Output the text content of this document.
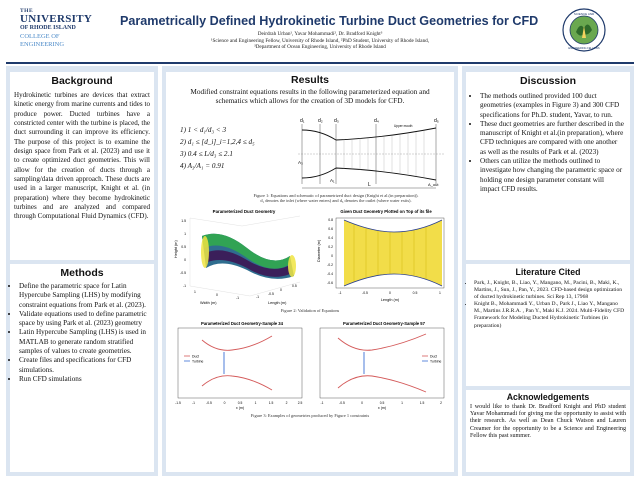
THE
UNIVERSITY
OF RHODE ISLAND
COLLEGE OF
ENGINEERING
Parametrically Defined Hydrokinetic Turbine Duct Geometries for CFD
Deirdrah Urban¹, Yavar Mohammadi², Dr. Bradford Knight³
¹Science and Engineering Fellow, University of Rhode Island, ²PhD Student, University of Rhode Island,
³Department of Ocean Engineering, University of Rhode Island
SCIENCE AND
ENGINEERING FELLOWS
Background
Hydrokinetic turbines are devices that extract kinetic energy from marine currents and tides to produce power. Ducted turbines have a constricted center with the turbine is placed, the duct surrounding it can improve its efficiency. The purpose of this project is to examine the design space from Park et al. (2023) and use it to create optimized duct geometries. This will allow for the creation of ducts through a sampling/data driven approach. These ducts are used in a larger manuscript, Knight et al. (in preparation) where they become hydrokinetic turbines and are analyzed and compared through Computational Fluid Dynamics (CFD).
Methods
• Define the parametric space for Latin Hypercube Sampling (LHS) by modifying constraint equations from Park et al. (2023).
• Validate equations used to define parametric space by using Park et al. (2023) geometry
• Latin Hypercube Sampling (LHS) is used in MATLAB to generate random stratified samples of values to create geometries.
• Create files and specifications for CFD simulations.
• Run CFD simulations
Results
Modified constraint equations results in the following parameterized equation and schematics which allows for the creation of 3D models for CFD.
1) 1 < d₁/d₃ < 3
2) d₁ ≤ [d_i]_i=1,2,4 ≤ d₅
3) 0.4 ≤ L/d₃ ≤ 2.1
4) A₃/A₁ = 0.91
d₁	d₂ d₃	d₄	d₅
Upper mouth
A₁
A₃
A_out
L
Figure 1: Equations and schematic of parametrized duct design (Knight et al.(in preparation)).
d₁ denotes the inlet (where water enters) and d₅ denotes the outlet (where water exits).
Parameterized Duct Geometry
Height (m)
1.5
1
0.5
0
-0.5
-1
1
0
-1	-1
-0.5
0
0.5
Width (m)	Length (m)
Given Duct Geometry Plotted on Top of its file
Diameter (m)
0.8
0.6
0.4
0.2
0
-0.2
-0.4
-0.6
-1	-0.5	0	0.5	1
Length (m)
Figure 2: Validation of Equations
Parameterized Duct Geometry-Sample 34
Duct
Turbine
-1.5	-1	-0.5	0	0.5	1	1.5	2	2.5
x (m)
Parameterized Duct Geometry-Sample 57
Duct
Turbine
-1	-0.5	0	0.5	1	1.5	2
x (m)
Figure 3: Examples of geometries produced by Figure 1 constraints
Discussion
• The methods outlined provided 100 duct geometries (examples in Figure 3) and 300 CFD specifications for Ph.D. student, Yavar, to run.
• These duct geometries are further described in the manuscript of Knight et al.(in preparation), where CFD techniques are compared with one another as well as the results of Park et al. (2023)
• Others can utilize the methods outlined to investigate how changing the parametric space or holding one design parameter constant will impact CFD results.
Literature Cited
• Park, J., Knight, B., Liao, Y., Mangano, M., Pacini, B., Maki, K., Martins, J., Sun, J., Pan, Y., 2023. CFD-based design optimization of ducted hydrokinetic turbines. Sci Rep 13, 17968
• Knight B., Mohammadi Y., Urban D., Park J., Liao Y., Mangano M., Martins J.R.R.A. , Pan Y., Maki K.J. 2024. Multi-Fidelity CFD Framework for Modeling Ducted Hydrokinetic Turbines (in preparation)
Acknowledgements
I would like to thank Dr. Bradford Knight and PhD student Yavar Mohammadi for giving me the opportunity to assist with their research. As well as Dean Chuck Watson and Lauren Creamer for the opportunity to be a Science and Engineering Fellow this past summer.
